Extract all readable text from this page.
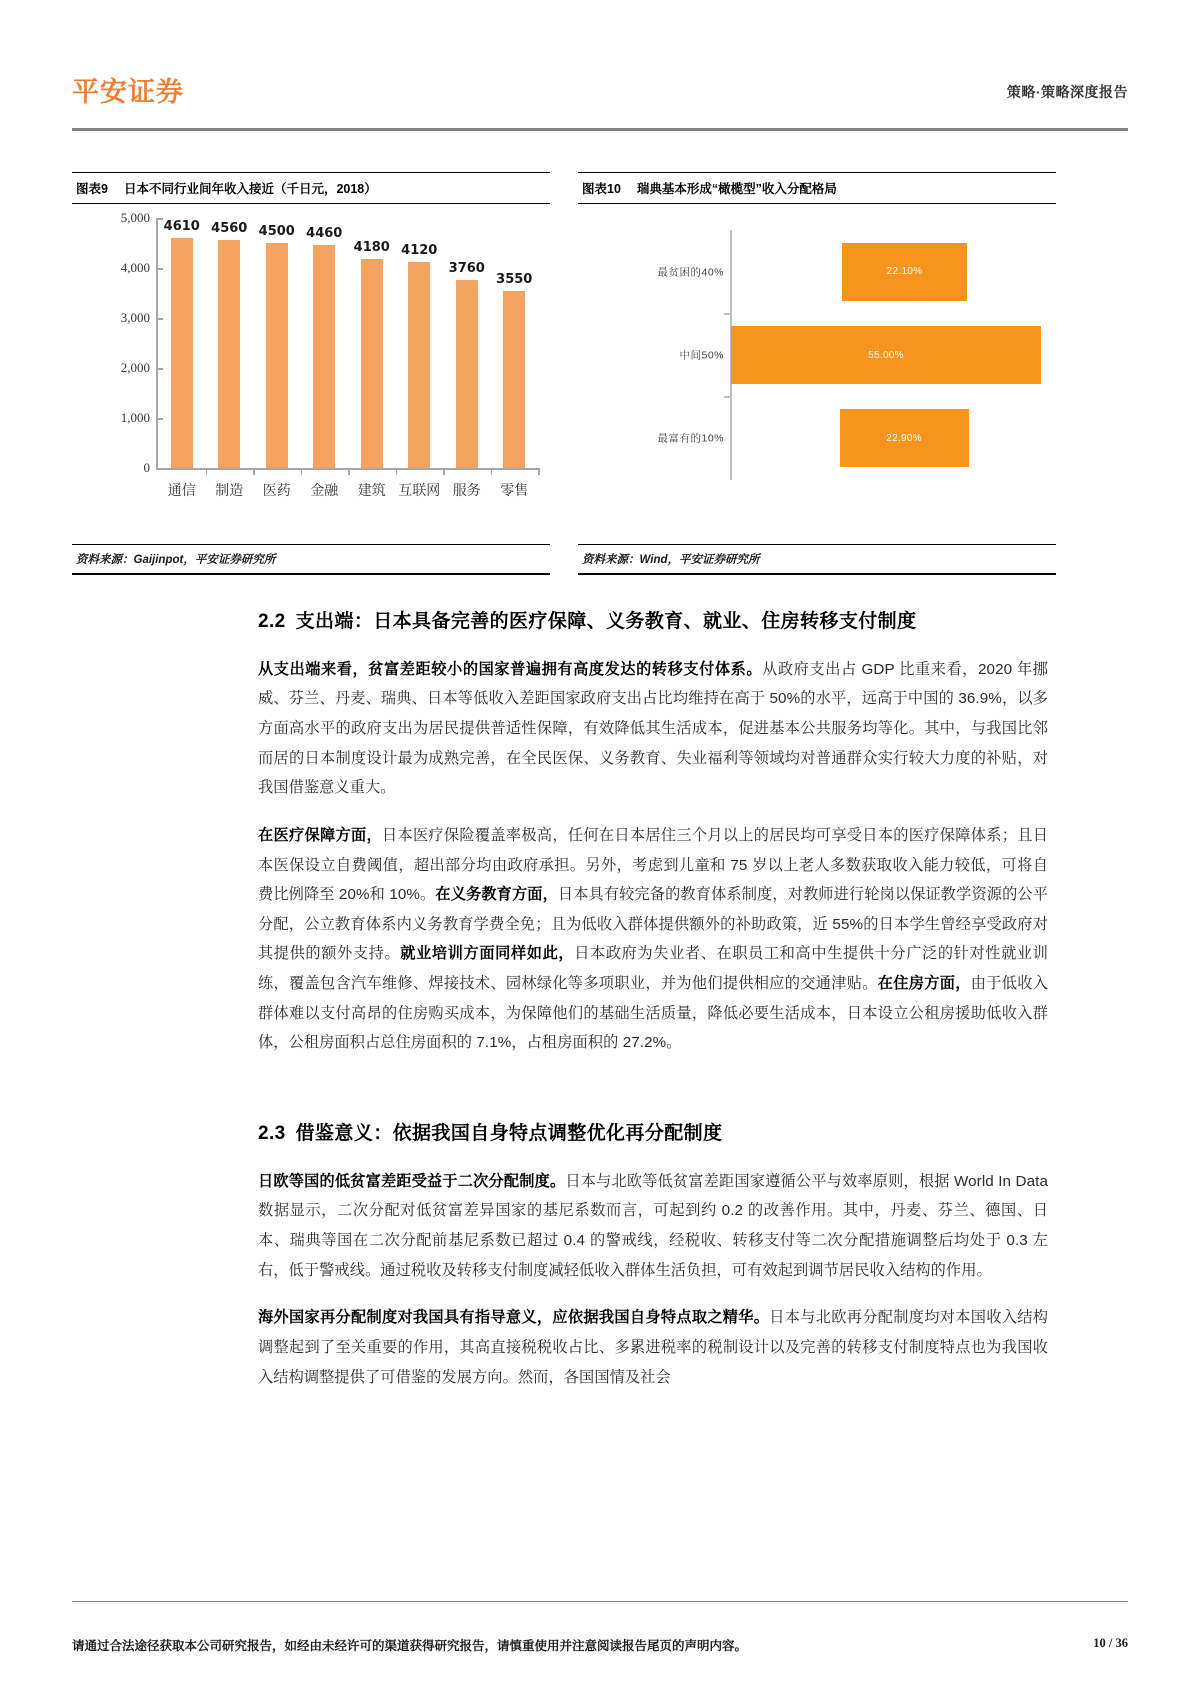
平安证券	策略·策略深度报告
图表9 日本不同行业间年收入接近（千日元，2018）
5,000
4,000
3,000
2,000
1,000
0
4610 4560 4500 4460
4180 4120
3760
3550
通信 制造 医药 金融 建筑 互联网 服务 零售
资料来源：Gaijinpot，平安证券研究所
图表10 瑞典基本形成“橄榄型”收入分配格局
最贫困的40%
中间50%
最富有的10%
22.10%
55.00%
22.90%
资料来源：Wind，平安证券研究所
2.2 支出端：日本具备完善的医疗保障、义务教育、就业、住房转移支付制度

从支出端来看，贫富差距较小的国家普遍拥有高度发达的转移支付体系。从政府支出占 GDP 比重来看，2020 年挪威、芬兰、丹麦、瑞典、日本等低收入差距国家政府支出占比均维持在高于 50%的水平，远高于中国的 36.9%，以多方面高水平的政府支出为居民提供普适性保障，有效降低其生活成本，促进基本公共服务均等化。其中，与我国比邻而居的日本制度设计最为成熟完善，在全民医保、义务教育、失业福利等领域均对普通群众实行较大力度的补贴，对我国借鉴意义重大。

在医疗保障方面，日本医疗保险覆盖率极高，任何在日本居住三个月以上的居民均可享受日本的医疗保障体系；且日本医保设立自费阈值，超出部分均由政府承担。另外，考虑到儿童和 75 岁以上老人多数获取收入能力较低，可将自费比例降至 20%和 10%。在义务教育方面，日本具有较完备的教育体系制度，对教师进行轮岗以保证教学资源的公平分配，公立教育体系内义务教育学费全免；且为低收入群体提供额外的补助政策，近 55%的日本学生曾经享受政府对其提供的额外支持。就业培训方面同样如此，日本政府为失业者、在职员工和高中生提供十分广泛的针对性就业训练，覆盖包含汽车维修、焊接技术、园林绿化等多项职业，并为他们提供相应的交通津贴。在住房方面，由于低收入群体难以支付高昂的住房购买成本，为保障他们的基础生活质量，降低必要生活成本，日本设立公租房援助低收入群体，公租房面积占总住房面积的 7.1%，占租房面积的 27.2%。

2.3 借鉴意义：依据我国自身特点调整优化再分配制度

日欧等国的低贫富差距受益于二次分配制度。日本与北欧等低贫富差距国家遵循公平与效率原则，根据 World In Data 数据显示，二次分配对低贫富差异国家的基尼系数而言，可起到约 0.2 的改善作用。其中，丹麦、芬兰、德国、日本、瑞典等国在二次分配前基尼系数已超过 0.4 的警戒线，经税收、转移支付等二次分配措施调整后均处于 0.3 左右，低于警戒线。通过税收及转移支付制度减轻低收入群体生活负担，可有效起到调节居民收入结构的作用。

海外国家再分配制度对我国具有指导意义，应依据我国自身特点取之精华。日本与北欧再分配制度均对本国收入结构调整起到了至关重要的作用，其高直接税税收占比、多累进税率的税制设计以及完善的转移支付制度特点也为我国收入结构调整提供了可借鉴的发展方向。然而，各国国情及社会

请通过合法途径获取本公司研究报告，如经由未经许可的渠道获得研究报告，请慎重使用并注意阅读报告尾页的声明内容。	10 / 36
